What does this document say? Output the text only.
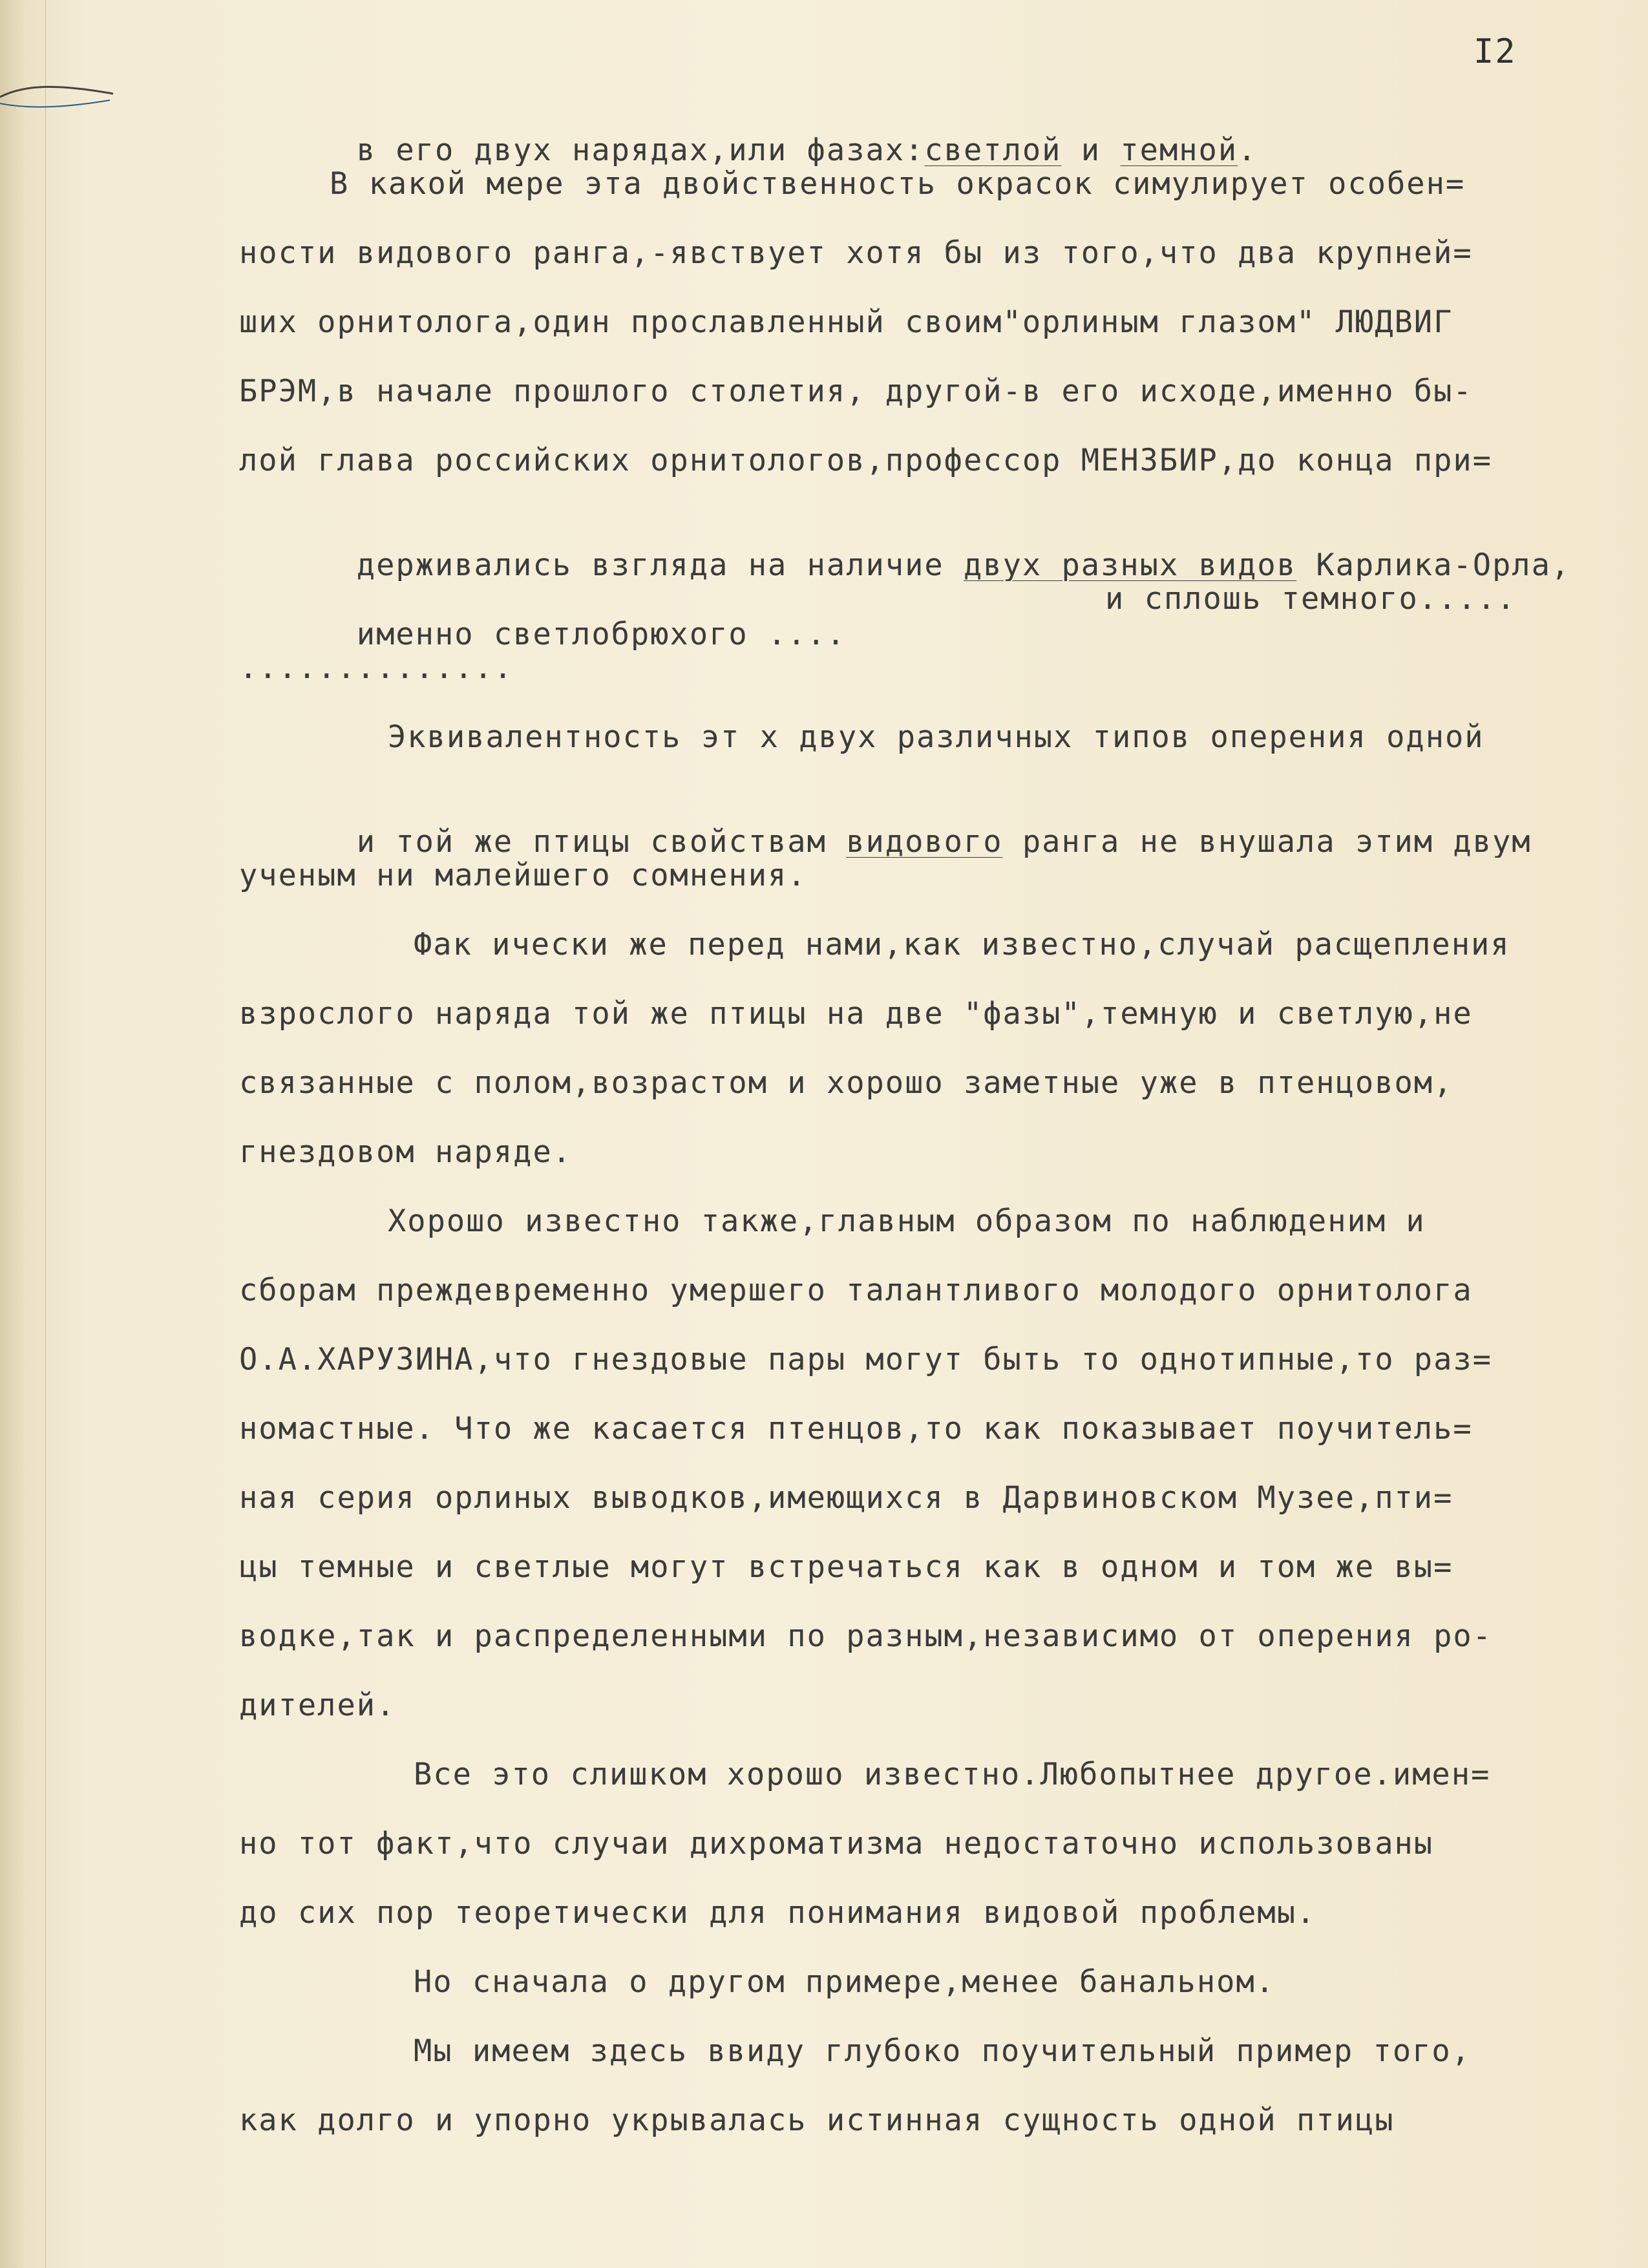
I2

в его двух нарядах,или фазах:светлой и темной.

В какой мере эта двойственность окрасок симулирует особен=
ности видового ранга,-явствует хотя бы из того,что два крупней=
ших орнитолога,один прославленный своим"орлиным глазом" ЛЮДВИГ
БРЭМ,в начале прошлого столетия, другой-в его исходе,именно бы-
лой глава российских орнитологов,профессор МЕНЗБИР,до конца при=

держивались взгляда на наличие двух разных видов Карлика-Орла,

именно светлобрюхого ....

и сплошь темного.....

..............
Эквивалентность эт х двух различных типов оперения одной

и той же птицы свойствам видового ранга не внушала этим двум

ученым ни малейшего сомнения.
Фак ически же перед нами,как известно,случай расщепления
взрослого наряда той же птицы на две "фазы",темную и светлую,не
связанные с полом,возрастом и хорошо заметные уже в птенцовом,
гнездовом наряде.
Хорошо известно также,главным образом по наблюденим и
сборам преждевременно умершего талантливого молодого орнитолога
О.А.ХАРУЗИНА,что гнездовые пары могут быть то однотипные,то раз=
номастные. Что же касается птенцов,то как показывает поучитель=
ная серия орлиных выводков,имеющихся в Дарвиновском Музее,пти=
цы темные и светлые могут встречаться как в одном и том же вы=
водке,так и распределенными по разным,независимо от оперения ро-
дителей.
Все это слишком хорошо известно.Любопытнее другое.имен=
но тот факт,что случаи дихроматизма недостаточно использованы
до сих пор теоретически для понимания видовой проблемы.
Но сначала о другом примере,менее банальном.
Мы имеем здесь ввиду глубоко поучительный пример того,
как долго и упорно укрывалась истинная сущность одной птицы
